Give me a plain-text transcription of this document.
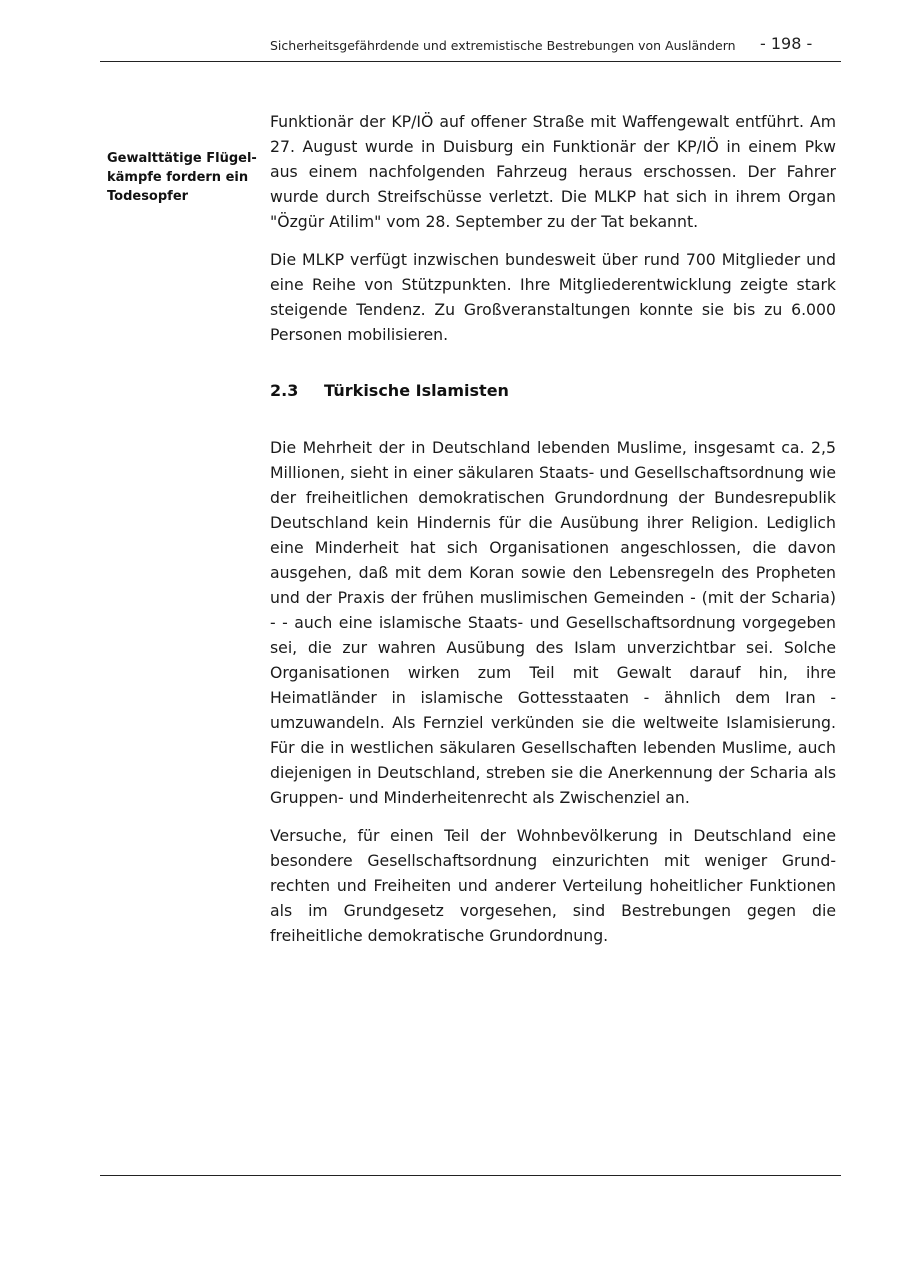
Sicherheitsgefährdende und extremistische Bestrebungen von Ausländern - 198 -
Gewalttätige Flügel-
kämpfe fordern ein
Todesopfer

Funktionär der KP/IÖ auf offener Straße mit Waffengewalt entführt. Am 27. August wurde in Duisburg ein Funktionär der KP/IÖ in einem Pkw aus einem nachfolgenden Fahrzeug heraus erschossen. Der Fahrer wurde durch Streifschüsse verletzt. Die MLKP hat sich in ihrem Organ "Özgür Atilim" vom 28. September zu der Tat bekannt.

Die MLKP verfügt inzwischen bundesweit über rund 700 Mitglieder und eine Reihe von Stützpunkten. Ihre Mitgliederentwicklung zeigte stark steigende Tendenz. Zu Großveranstaltungen konnte sie bis zu 6.000 Personen mobilisieren.

2.3	Türkische Islamisten

Die Mehrheit der in Deutschland lebenden Muslime, insgesamt ca. 2,5 Millionen, sieht in einer säkularen Staats- und Gesellschaftsordnung wie der freiheitlichen demokratischen Grundordnung der Bundesrepublik Deutschland kein Hindernis für die Ausübung ihrer Religion. Lediglich eine Minderheit hat sich Organisationen angeschlossen, die davon ausgehen, daß mit dem Koran sowie den Lebensregeln des Propheten und der Praxis der frühen muslimischen Gemeinden - (mit der Scharia) - - auch eine islamische Staats- und Gesellschaftsordnung vorgegeben sei, die zur wahren Ausübung des Islam unverzichtbar sei. Solche Organisationen wirken zum Teil mit Gewalt darauf hin, ihre Heimatländer in islamische Gottesstaaten - ähnlich dem Iran - umzuwandeln. Als Fernziel verkünden sie die weltweite Islamisierung. Für die in westlichen säkularen Gesellschaften lebenden Muslime, auch diejenigen in Deutschland, streben sie die Anerkennung der Scharia als Gruppen- und Minderheitenrecht als Zwischenziel an.

Versuche, für einen Teil der Wohnbevölkerung in Deutschland eine besondere Gesellschaftsordnung einzurichten mit weniger Grundrechten und Freiheiten und anderer Verteilung hoheitlicher Funktionen als im Grundgesetz vorgesehen, sind Bestrebungen gegen die freiheitliche demokratische Grundordnung.
